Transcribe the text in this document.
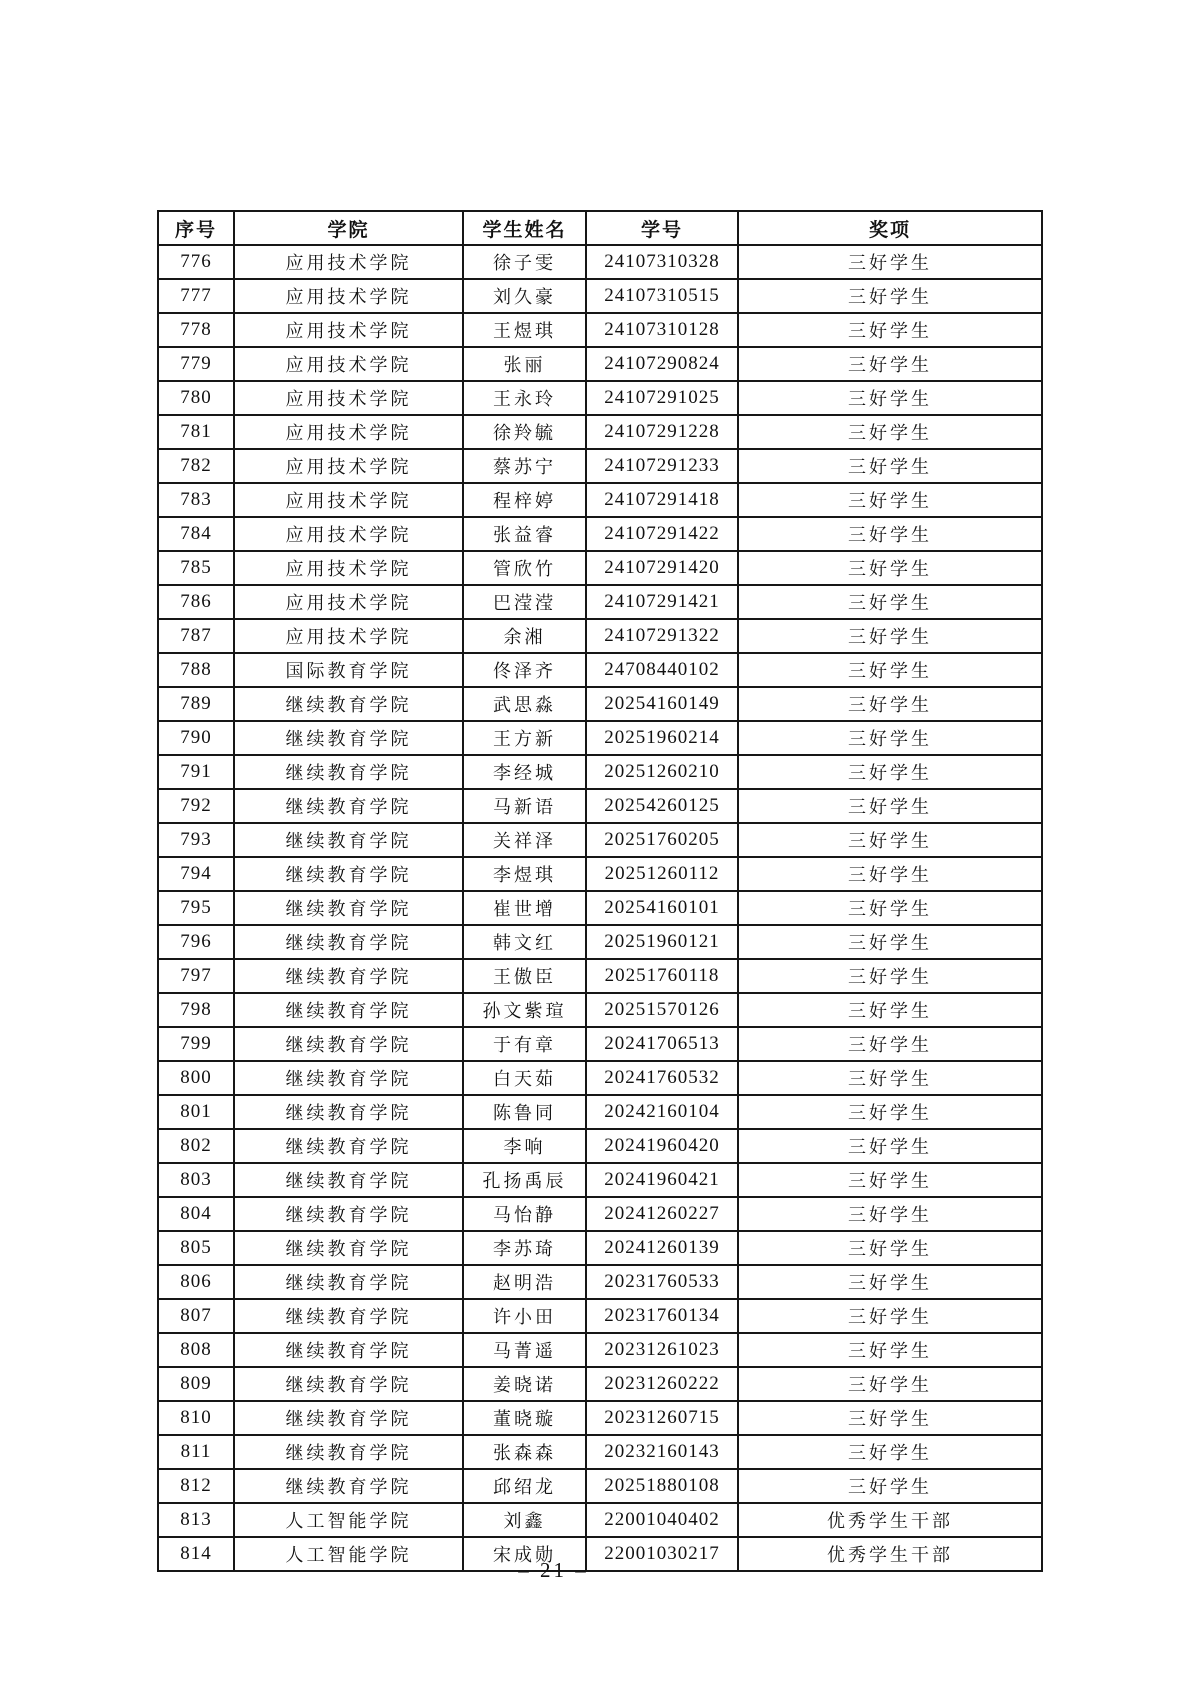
序号	学院	学生姓名	学号	奖项
776	应用技术学院	徐子雯	24107310328	三好学生
777	应用技术学院	刘久豪	24107310515	三好学生
778	应用技术学院	王煜琪	24107310128	三好学生
779	应用技术学院	张丽	24107290824	三好学生
780	应用技术学院	王永玲	24107291025	三好学生
781	应用技术学院	徐羚毓	24107291228	三好学生
782	应用技术学院	蔡苏宁	24107291233	三好学生
783	应用技术学院	程梓婷	24107291418	三好学生
784	应用技术学院	张益睿	24107291422	三好学生
785	应用技术学院	管欣竹	24107291420	三好学生
786	应用技术学院	巴滢滢	24107291421	三好学生
787	应用技术学院	余湘	24107291322	三好学生
788	国际教育学院	佟泽齐	24708440102	三好学生
789	继续教育学院	武思淼	20254160149	三好学生
790	继续教育学院	王方新	20251960214	三好学生
791	继续教育学院	李经城	20251260210	三好学生
792	继续教育学院	马新语	20254260125	三好学生
793	继续教育学院	关祥泽	20251760205	三好学生
794	继续教育学院	李煜琪	20251260112	三好学生
795	继续教育学院	崔世增	20254160101	三好学生
796	继续教育学院	韩文红	20251960121	三好学生
797	继续教育学院	王傲臣	20251760118	三好学生
798	继续教育学院	孙文紫瑄	20251570126	三好学生
799	继续教育学院	于有章	20241706513	三好学生
800	继续教育学院	白天茹	20241760532	三好学生
801	继续教育学院	陈鲁同	20242160104	三好学生
802	继续教育学院	李响	20241960420	三好学生
803	继续教育学院	孔扬禹辰	20241960421	三好学生
804	继续教育学院	马怡静	20241260227	三好学生
805	继续教育学院	李苏琦	20241260139	三好学生
806	继续教育学院	赵明浩	20231760533	三好学生
807	继续教育学院	许小田	20231760134	三好学生
808	继续教育学院	马菁遥	20231261023	三好学生
809	继续教育学院	姜晓诺	20231260222	三好学生
810	继续教育学院	董晓璇	20231260715	三好学生
811	继续教育学院	张森森	20232160143	三好学生
812	继续教育学院	邱绍龙	20251880108	三好学生
813	人工智能学院	刘鑫	22001040402	优秀学生干部
814	人工智能学院	宋成勋	22001030217	优秀学生干部
– 21 –
